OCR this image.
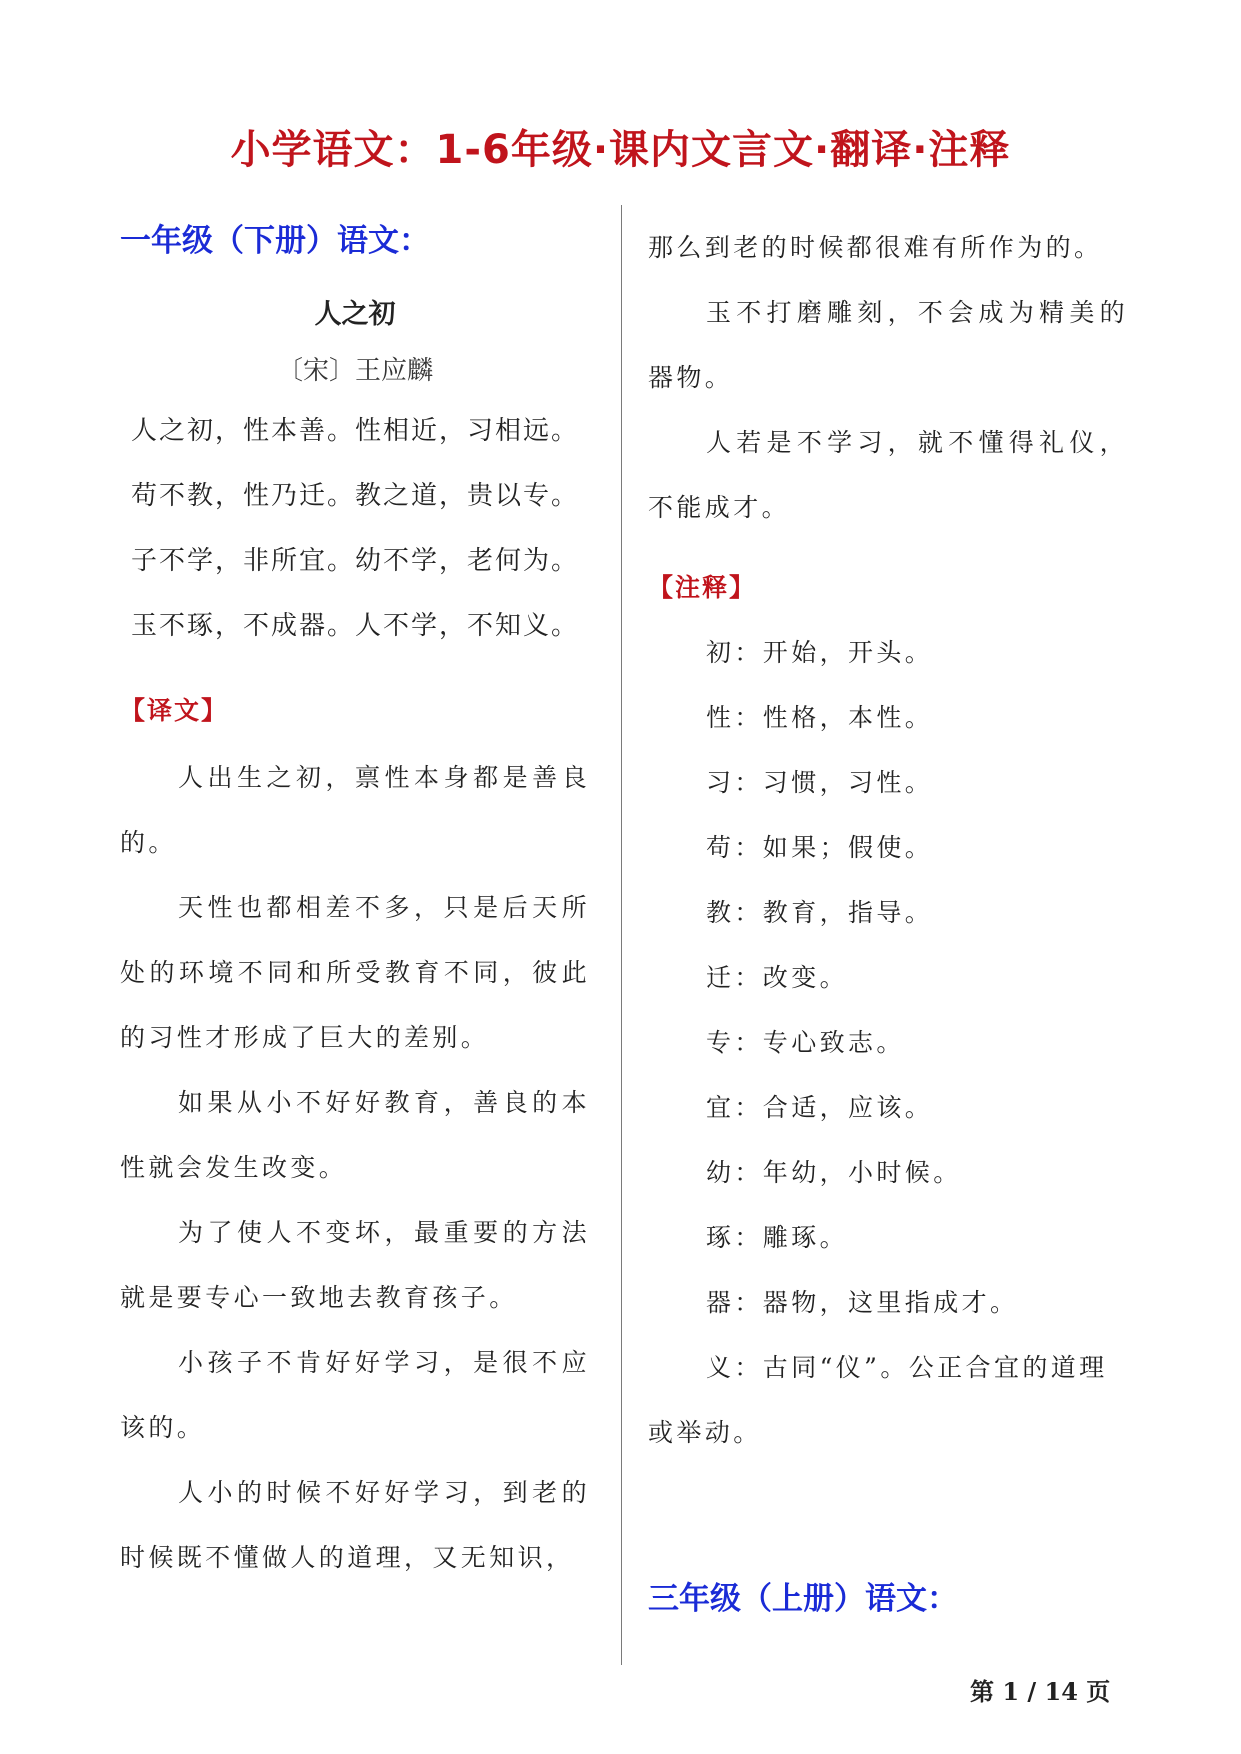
小学语文：1-6年级·课内文言文·翻译·注释
一年级（下册）语文：
人之初
〔宋〕王应麟
人之初，性本善。性相近，习相远。
苟不教，性乃迁。教之道，贵以专。
子不学，非所宜。幼不学，老何为。
玉不琢，不成器。人不学，不知义。
【译文】

人出生之初，禀性本身都是善良的。

天性也都相差不多，只是后天所处的环境不同和所受教育不同，彼此的习性才形成了巨大的差别。

如果从小不好好教育，善良的本性就会发生改变。

为了使人不变坏，最重要的方法就是要专心一致地去教育孩子。

小孩子不肯好好学习，是很不应该的。

人小的时候不好好学习，到老的时候既不懂做人的道理，又无知识，

那么到老的时候都很难有所作为的。

玉不打磨雕刻，不会成为精美的器物。

人若是不学习，就不懂得礼仪，不能成才。

【注释】

初：开始，开头。

性：性格，本性。

习：习惯，习性。

苟：如果；假使。

教：教育，指导。

迁：改变。

专：专心致志。

宜：合适，应该。

幼：年幼，小时候。

琢：雕琢。

器：器物，这里指成才。

义：古同“仪”。公正合宜的道理或举动。

三年级（上册）语文：
第 1 / 14 页
